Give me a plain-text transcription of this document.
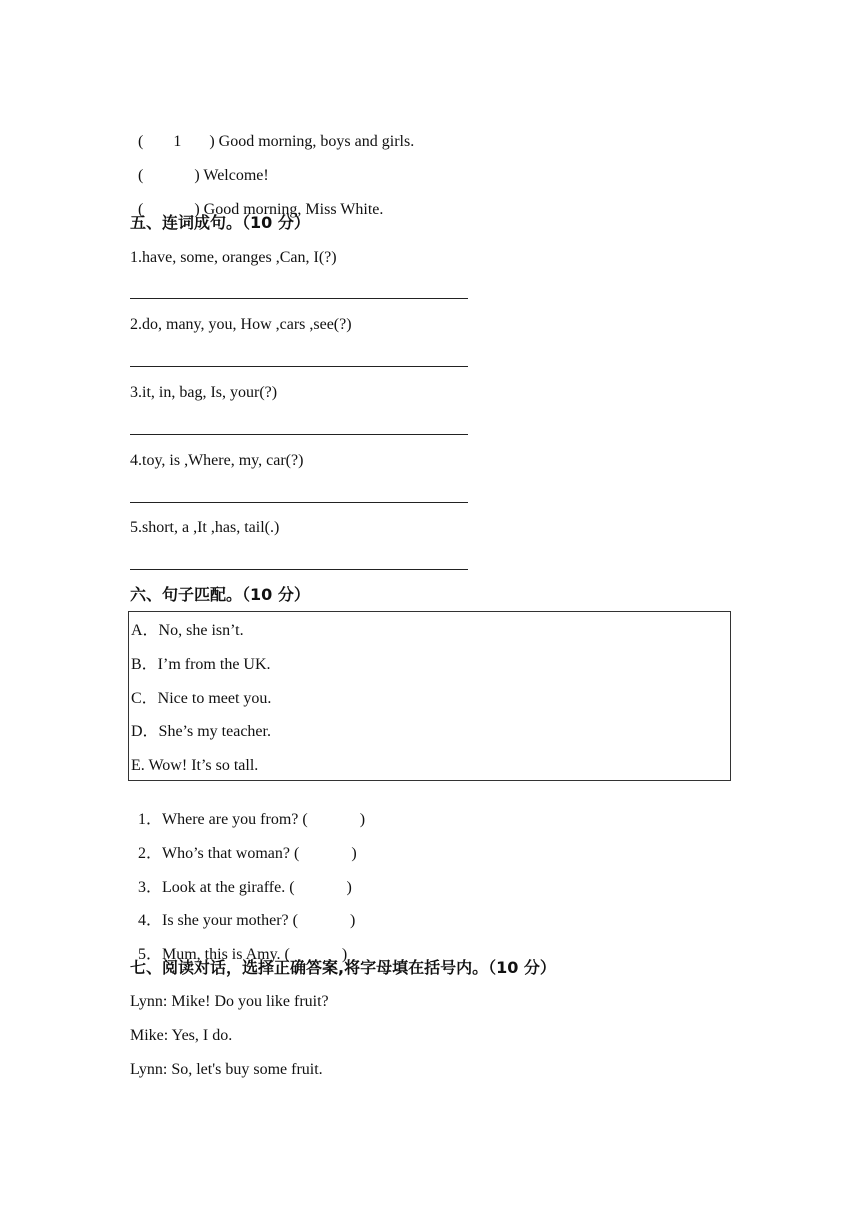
( 1 ) Good morning, boys and girls.

(	) Welcome!

(	) Good morning, Miss White.

五、连词成句。（10 分）
1.have, some, oranges ,Can, I(?)
2.do, many, you, How ,cars ,see(?)
3.it, in, bag, Is, your(?)
4.toy, is ,Where, my, car(?)
5.short, a ,It ,has, tail(.)
六、句子匹配。（10 分）
A．No, she isn’t.
B．I’m from the UK.
C．Nice to meet you.
D．She’s my teacher.
E. Wow! It’s so tall.

1．Where are you from? (	)

2．Who’s that woman? (	)

3．Look at the giraffe. (	)

4．Is she your mother? (	)

5．Mum, this is Amy. (	)

七、阅读对话，选择正确答案,将字母填在括号内。（10 分）
Lynn: Mike! Do you like fruit?
Mike: Yes, I do.
Lynn: So, let's buy some fruit.
